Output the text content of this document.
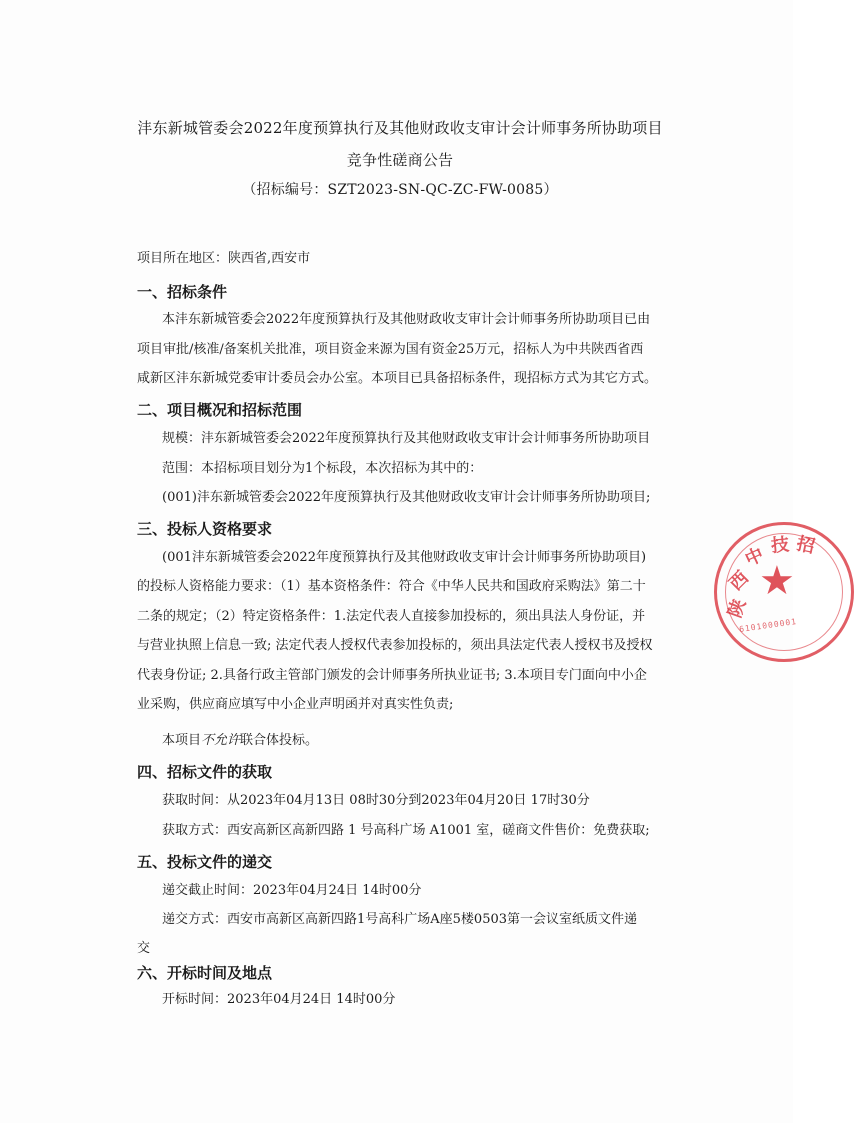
沣东新城管委会2022年度预算执行及其他财政收支审计会计师事务所协助项目
竞争性磋商公告
（招标编号：SZT2023-SN-QC-ZC-FW-0085）
项目所在地区：陕西省,西安市
一、招标条件
本沣东新城管委会2022年度预算执行及其他财政收支审计会计师事务所协助项目已由
项目审批/核准/备案机关批准，项目资金来源为国有资金25万元，招标人为中共陕西省西
咸新区沣东新城党委审计委员会办公室。本项目已具备招标条件，现招标方式为其它方式。
二、项目概况和招标范围
规模：沣东新城管委会2022年度预算执行及其他财政收支审计会计师事务所协助项目
范围：本招标项目划分为1个标段，本次招标为其中的：
(001)沣东新城管委会2022年度预算执行及其他财政收支审计会计师事务所协助项目;
三、投标人资格要求
(001沣东新城管委会2022年度预算执行及其他财政收支审计会计师事务所协助项目)
的投标人资格能力要求：（1）基本资格条件：符合《中华人民共和国政府采购法》第二十
二条的规定；（2）特定资格条件：1.法定代表人直接参加投标的，须出具法人身份证，并
与营业执照上信息一致; 法定代表人授权代表参加投标的，须出具法定代表人授权书及授权
代表身份证; 2.具备行政主管部门颁发的会计师事务所执业证书; 3.本项目专门面向中小企
业采购，供应商应填写中小企业声明函并对真实性负责;
本项目不允许联合体投标。
四、招标文件的获取
获取时间：从2023年04月13日 08时30分到2023年04月20日 17时30分
获取方式：西安高新区高新四路 1 号高科广场 A1001 室，磋商文件售价：免费获取;
五、投标文件的递交
递交截止时间：2023年04月24日 14时00分
递交方式：西安市高新区高新四路1号高科广场A座5楼0503第一会议室纸质文件递
交
六、开标时间及地点
开标时间：2023年04月24日 14时00分
★
陕
西
中 技 招
6101000001
